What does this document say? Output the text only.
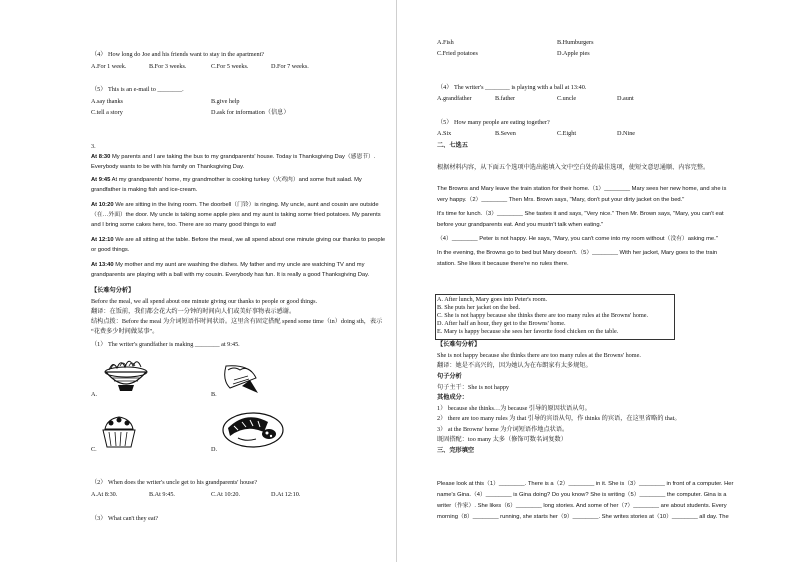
（4） How long do Joe and his friends want to stay in the apartment?
A.For 1 week.	B.For 3 weeks.	C.For 5 weeks.	D.For 7 weeks.
（5） This is an e-mail to ________.
A.say thanks	B.give help
C.tell a story	D.ask for information（信息）
3.
At 8:30 My parents and I are taking the bus to my grandparents' house. Today is Thanksgiving Day（感恩节）.
Everybody wants to be with his family on Thanksgiving Day.
At 9:45 At my grandparents' home, my grandmother is cooking turkey（火鸡肉）and some fruit salad. My
grandfather is making fish and ice-cream.
At 10:20 We are sitting in the living room. The doorbell（门铃）is ringing. My uncle, aunt and cousin are outside
（在…外面）the door. My uncle is taking some apple pies and my aunt is taking some fried potatoes. My parents
and I bring some cakes here, too. There are so many good things to eat!
At 12:10 We are all sitting at the table. Before the meal, we all spend about one minute giving our thanks to people
or good things.
At 13:40 My mother and my aunt are washing the dishes. My father and my uncle are watching TV and my
grandparents are playing with a ball with my cousin. Everybody has fun. It is really a good Thanksgiving Day.
【长难句分析】
Before the meal, we all spend about one minute giving our thanks to people or good things.
翻译：在饭前，我们都会花大约一分钟的时间向人们或美好事物表示感谢。
结构点拨：Before the meal 为介词短语作时间状语。这里含有固定搭配 spend some time（in）doing sth，表示
“花费多少时间做某事”。
（1） The writer's grandfather is making ________ at 9:45.
A.	B.
C.	D.
（2） When does the writer's uncle get to his grandparents' house?
A.At 8:30.	B.At 9:45.	C.At 10:20.	D.At 12:10.
（3） What can't they eat?
A.Fish	B.Humburgers
C.Fried potatoes	D.Apple pies
（4） The writer's ________ is playing with a ball at 13:40.
A.grandfather	B.father	C.uncle	D.aunt
（5） How many people are eating together?
A.Six	B.Seven	C.Eight	D.Nine
二、七选五
根据材料内容，从下面五个选项中选出能填入文中空白处的最佳选项，使短文意思通顺、内容完整。
The Browns and Mary leave the train station for their home.（1）________ Mary sees her new home, and she is
very happy.（2）________ Then Mrs. Brown says, "Mary, don't put your dirty jacket on the bed."
It's time for lunch.（3）________ She tastes it and says, "Very nice." Then Mr. Brown says, "Mary, you can't eat
before your grandparents eat. And you mustn't talk when eating."
（4）________ Peter is not happy. He says, "Mary, you can't come into my room without（没有）asking me."
In the evening, the Browns go to bed but Mary doesn't.（5）________ With her jacket, Mary goes to the train
station. She likes it because there're no rules there.
A. After lunch, Mary goes into Peter's room.
B. She puts her jacket on the bed.
C. She is not happy because she thinks there are too many rules at the Browns' home.
D. After half an hour, they get to the Browns' home.
E. Mary is happy because she sees her favorite food chicken on the table.
【长难句分析】
She is not happy because she thinks there are too many rules at the Browns' home.
翻译：她是不高兴的，因为她认为在布朗家有太多规矩。
句子分析
句子主干：She is not happy
其他成分：
1） because she thinks…为 because 引导的原因状语从句。
2） there are too many rules 为 that 引导的宾语从句，作 thinks 的宾语，在这里省略的 that。
3） at the Browns' home 为介词短语作地点状语。
既固搭配：too many 太多（修饰可数名词复数）
三、完形填空
Please look at this（1）________. There is a（2）________ in it. She is（3）________ in front of a computer. Her
name's Gina.（4）________ is Gina doing? Do you know? She is writing（5）________ the computer. Gina is a
writer（作家）. She likes（6）________ long stories. And some of her（7）________ are about students. Every
morning（8）________ running, she starts her（9）________. She writes stories at（10）________ all day. The
